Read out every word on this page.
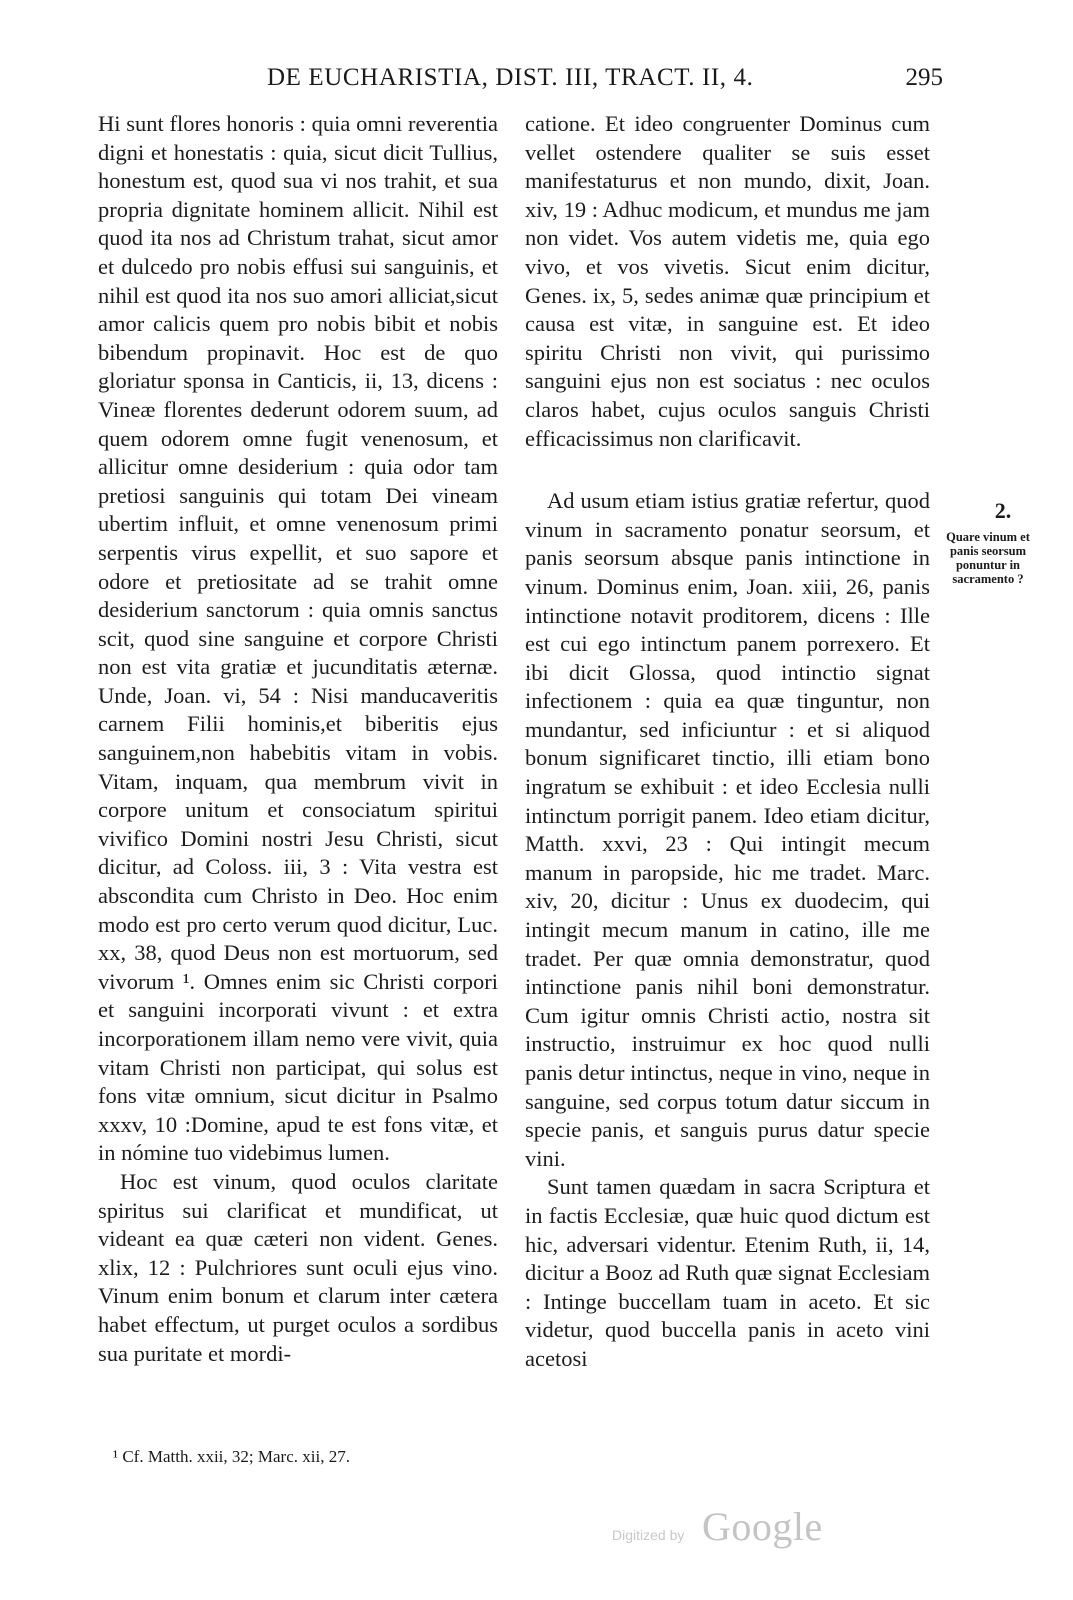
DE EUCHARISTIA, DIST. III, TRACT. II, 4.	295

Hi sunt flores honoris : quia omni reverentia digni et honestatis : quia, sicut dicit Tullius, honestum est, quod sua vi nos trahit, et sua propria dignitate hominem allicit. Nihil est quod ita nos ad Christum trahat, sicut amor et dulcedo pro nobis effusi sui sanguinis, et nihil est quod ita nos suo amori alliciat,sicut amor calicis quem pro nobis bibit et nobis bibendum propinavit. Hoc est de quo gloriatur sponsa in Canticis, ii, 13, dicens : Vineæ florentes dederunt odorem suum, ad quem odorem omne fugit venenosum, et allicitur omne desiderium : quia odor tam pretiosi sanguinis qui totam Dei vineam ubertim influit, et omne venenosum primi serpentis virus expellit, et suo sapore et odore et pretiositate ad se trahit omne desiderium sanctorum : quia omnis sanctus scit, quod sine sanguine et corpore Christi non est vita gratiæ et jucunditatis æternæ. Unde, Joan. vi, 54 : Nisi manducaveritis carnem Filii hominis,et biberitis ejus sanguinem,non habebitis vitam in vobis. Vitam, inquam, qua membrum vivit in corpore unitum et consociatum spiritui vivifico Domini nostri Jesu Christi, sicut dicitur, ad Coloss. iii, 3 : Vita vestra est abscondita cum Christo in Deo. Hoc enim modo est pro certo verum quod dicitur, Luc. xx, 38, quod Deus non est mortuorum, sed vivorum ¹. Omnes enim sic Christi corpori et sanguini incorporati vivunt : et extra incorporationem illam nemo vere vivit, quia vitam Christi non participat, qui solus est fons vitæ omnium, sicut dicitur in Psalmo xxxv, 10 :Domine, apud te est fons vitæ, et in nómine tuo videbimus lumen.

Hoc est vinum, quod oculos claritate spiritus sui clarificat et mundificat, ut videant ea quæ cæteri non vident. Genes. xlix, 12 : Pulchriores sunt oculi ejus vino. Vinum enim bonum et clarum inter cætera habet effectum, ut purget oculos a sordibus sua puritate et mordi-

catione. Et ideo congruenter Dominus cum vellet ostendere qualiter se suis esset manifestaturus et non mundo, dixit, Joan. xiv, 19 : Adhuc modicum, et mundus me jam non videt. Vos autem videtis me, quia ego vivo, et vos vivetis. Sicut enim dicitur, Genes. ix, 5, sedes animæ quæ principium et causa est vitæ, in sanguine est. Et ideo spiritu Christi non vivit, qui purissimo sanguini ejus non est sociatus : nec oculos claros habet, cujus oculos sanguis Christi efficacissimus non clarificavit.

Ad usum etiam istius gratiæ refertur, quod vinum in sacramento ponatur seorsum, et panis seorsum absque panis intinctione in vinum. Dominus enim, Joan. xiii, 26, panis intinctione notavit proditorem, dicens : Ille est cui ego intinctum panem porrexero. Et ibi dicit Glossa, quod intinctio signat infectionem : quia ea quæ tinguntur, non mundantur, sed inficiuntur : et si aliquod bonum significaret tinctio, illi etiam bono ingratum se exhibuit : et ideo Ecclesia nulli intinctum porrigit panem. Ideo etiam dicitur, Matth. xxvi, 23 : Qui intingit mecum manum in paropside, hic me tradet. Marc. xiv, 20, dicitur : Unus ex duodecim, qui intingit mecum manum in catino, ille me tradet. Per quæ omnia demonstratur, quod intinctione panis nihil boni demonstratur. Cum igitur omnis Christi actio, nostra sit instructio, instruimur ex hoc quod nulli panis detur intinctus, neque in vino, neque in sanguine, sed corpus totum datur siccum in specie panis, et sanguis purus datur specie vini.

Sunt tamen quædam in sacra Scriptura et in factis Ecclesiæ, quæ huic quod dictum est hic, adversari videntur. Etenim Ruth, ii, 14, dicitur a Booz ad Ruth quæ signat Ecclesiam : Intinge buccellam tuam in aceto. Et sic videtur, quod buccella panis in aceto vini acetosi

2.
Quare vinum et panis seorsum ponuntur in sacramento ?
¹ Cf. Matth. xxii, 32; Marc. xii, 27.
Digitized by Google
